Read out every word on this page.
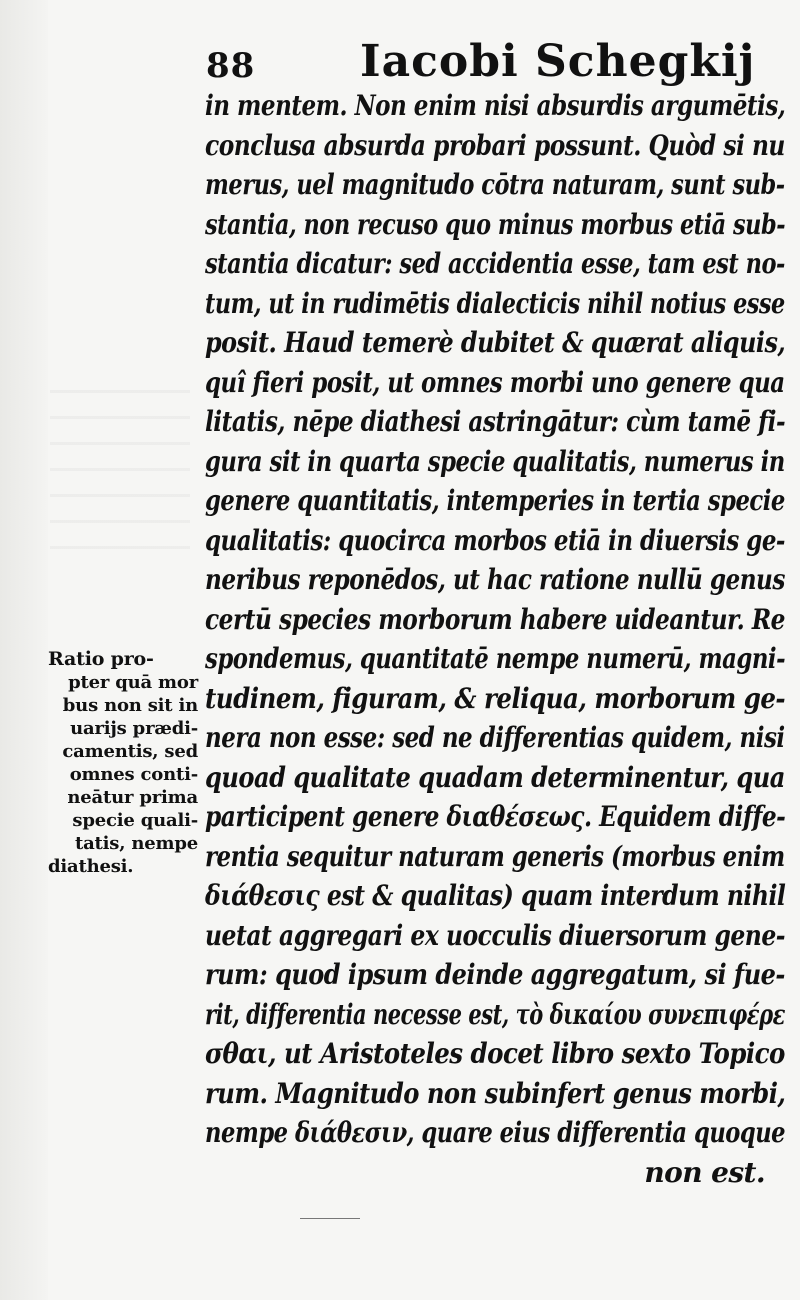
88 Iacobi Schegkij
in mentem. Non enim nisi absurdis argumētis,
conclusa absurda probari possunt. Quòd si nu
merus, uel magnitudo cōtra naturam, sunt sub-
stantia, non recuso quo minus morbus etiā sub-
stantia dicatur: sed accidentia esse, tam est no-
tum, ut in rudimētis dialecticis nihil notius esse
posit. Haud temerè dubitet & quærat aliquis,
quî fieri posit, ut omnes morbi uno genere qua
litatis, nēpe diathesi astringātur: cùm tamē fi-
gura sit in quarta specie qualitatis, numerus in
genere quantitatis, intemperies in tertia specie
qualitatis: quocirca morbos etiā in diuersis ge-
neribus reponēdos, ut hac ratione nullū genus
certū species morborum habere uideantur. Re
spondemus, quantitatē nempe numerū, magni-
tudinem, figuram, & reliqua, morborum ge-
nera non esse: sed ne differentias quidem, nisi
quoad qualitate quadam determinentur, qua
participent genere διαθέσεως. Equidem diffe-
rentia sequitur naturam generis (morbus enim
διάθεσις est & qualitas) quam interdum nihil
uetat aggregari ex uocculis diuersorum gene-
rum: quod ipsum deinde aggregatum, si fue-
rit, differentia necesse est, τὸ δικαίου συνεπιφέρε
σθαι, ut Aristoteles docet libro sexto Topico
rum. Magnitudo non subinfert genus morbi,
nempe διάθεσιν, quare eius differentia quoque
non est.
Ratio pro-
pter quā mor
bus non sit in
uarijs prædi-
camentis, sed
omnes conti-
neātur prima
specie quali-
tatis, nempe
diathesi.
